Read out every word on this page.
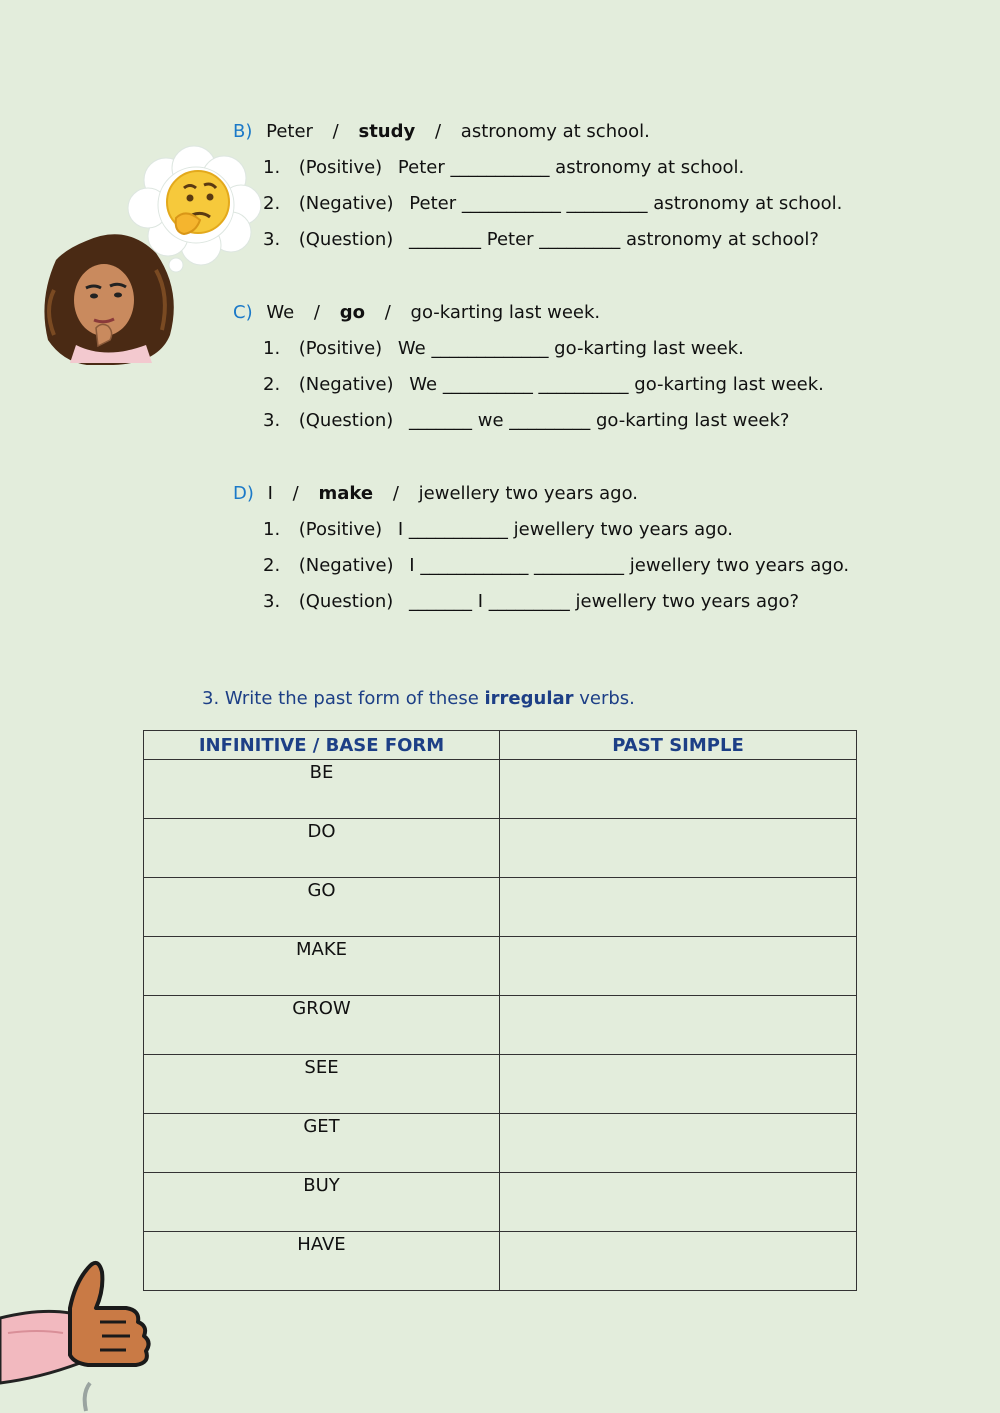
B) Peter / study / astronomy at school.
1. (Positive) Peter ___________ astronomy at school.
2. (Negative) Peter ___________ _________ astronomy at school.
3. (Question) ________ Peter _________ astronomy at school?
C) We / go / go-karting last week.
1. (Positive) We _____________ go-karting last week.
2. (Negative) We __________ __________ go-karting last week.
3. (Question) _______ we _________ go-karting last week?
D) I / make / jewellery two years ago.
1. (Positive) I ___________ jewellery two years ago.
2. (Negative) I ____________ __________ jewellery two years ago.
3. (Question) _______ I _________ jewellery two years ago?
3. Write the past form of these irregular verbs.
INFINITIVE / BASE FORM	PAST SIMPLE
BE	
DO	
GO	
MAKE	
GROW	
SEE	
GET	
BUY	
HAVE	
